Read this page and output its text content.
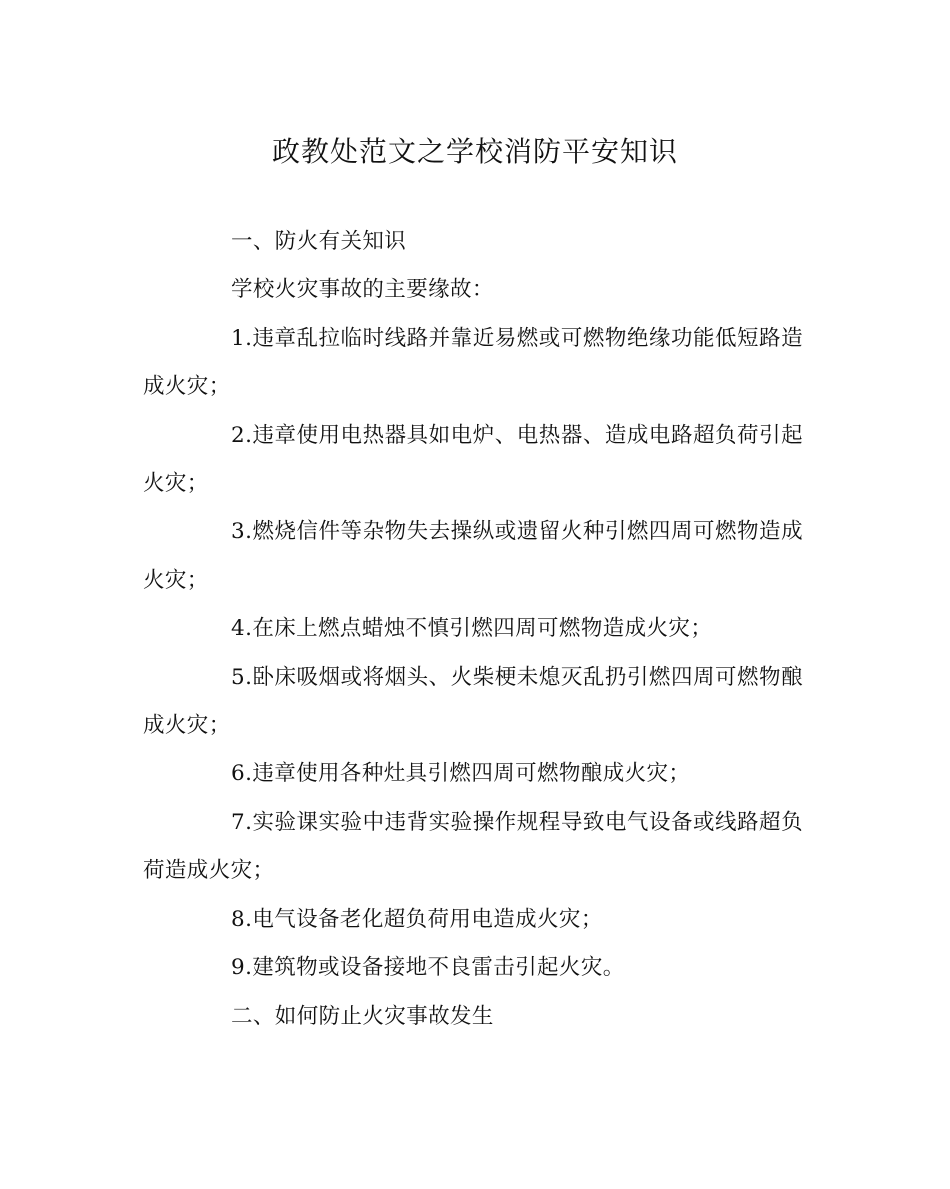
政教处范文之学校消防平安知识

一、防火有关知识

学校火灾事故的主要缘故：

1.违章乱拉临时线路并靠近易燃或可燃物绝缘功能低短路造成火灾；

2.违章使用电热器具如电炉、电热器、造成电路超负荷引起火灾；

3.燃烧信件等杂物失去操纵或遗留火种引燃四周可燃物造成火灾；

4.在床上燃点蜡烛不慎引燃四周可燃物造成火灾；

5.卧床吸烟或将烟头、火柴梗未熄灭乱扔引燃四周可燃物酿成火灾；

6.违章使用各种灶具引燃四周可燃物酿成火灾；

7.实验课实验中违背实验操作规程导致电气设备或线路超负荷造成火灾；

8.电气设备老化超负荷用电造成火灾；

9.建筑物或设备接地不良雷击引起火灾。

二、如何防止火灾事故发生
